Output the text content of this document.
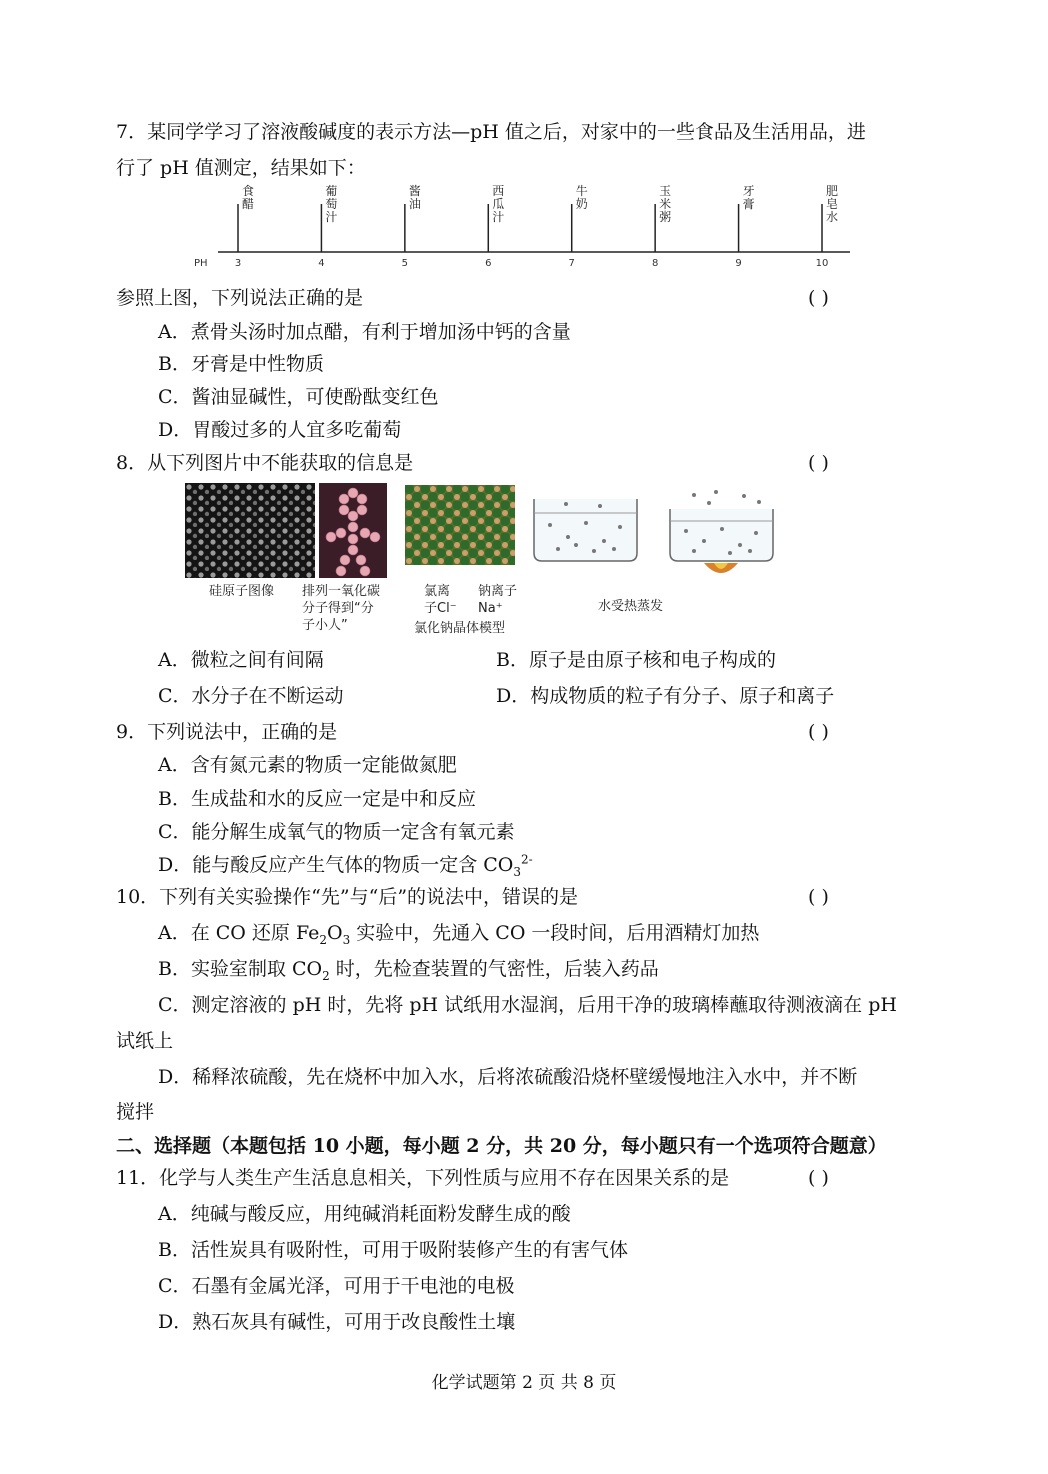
7．某同学学习了溶液酸碱度的表示方法—pH 值之后，对家中的一些食品及生活用品，进
行了 pH 值测定，结果如下：
PH
食
醋
3
葡
萄
汁
4
酱
油
5
西
瓜
汁
6
牛
奶
7
玉
米
粥
8
牙
膏
9
肥
皂
水
10
参照上图，下列说法正确的是	( )
A．煮骨头汤时加点醋，有利于增加汤中钙的含量
B．牙膏是中性物质
C．酱油显碱性，可使酚酞变红色
D．胃酸过多的人宜多吃葡萄
8．从下列图片中不能获取的信息是	( )
硅原子图像 排列一氧化碳
分子得到“分
子小人”
氯离
子Cl⁻
钠离子
Na⁺
氯化钠晶体模型
水受热蒸发
A．微粒之间有间隔	B．原子是由原子核和电子构成的
C．水分子在不断运动	D．构成物质的粒子有分子、原子和离子
9．下列说法中，正确的是	( )
A．含有氮元素的物质一定能做氮肥
B．生成盐和水的反应一定是中和反应
C．能分解生成氧气的物质一定含有氧元素
D．能与酸反应产生气体的物质一定含 $CO_3^{2-}$
10．下列有关实验操作“先”与“后”的说法中，错误的是	( )
A．在 CO 还原 $Fe_2O_3$ 实验中，先通入 CO 一段时间，后用酒精灯加热
B．实验室制取 $CO_2$ 时，先检查装置的气密性，后装入药品
C．测定溶液的 pH 时，先将 pH 试纸用水湿润，后用干净的玻璃棒蘸取待测液滴在 pH
试纸上
D．稀释浓硫酸，先在烧杯中加入水，后将浓硫酸沿烧杯壁缓慢地注入水中，并不断
搅拌
二、选择题（本题包括 10 小题，每小题 2 分，共 20 分，每小题只有一个选项符合题意）
11．化学与人类生产生活息息相关，下列性质与应用不存在因果关系的是	( )
A．纯碱与酸反应，用纯碱消耗面粉发酵生成的酸
B．活性炭具有吸附性，可用于吸附装修产生的有害气体
C．石墨有金属光泽，可用于干电池的电极
D．熟石灰具有碱性，可用于改良酸性土壤
化学试题第 2 页 共 8 页
